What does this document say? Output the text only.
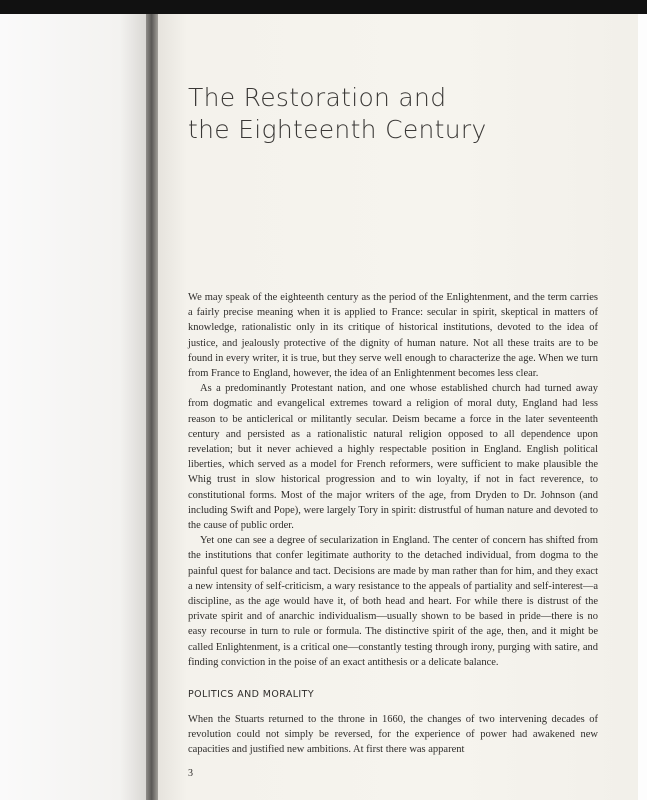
The Restoration and
the Eighteenth Century

We may speak of the eighteenth century as the period of the Enlightenment, and the term carries a fairly precise meaning when it is applied to France: secular in spirit, skeptical in matters of knowledge, rationalistic only in its critique of historical institutions, devoted to the idea of justice, and jealously protective of the dignity of human nature. Not all these traits are to be found in every writer, it is true, but they serve well enough to characterize the age. When we turn from France to England, however, the idea of an Enlightenment becomes less clear.

As a predominantly Protestant nation, and one whose established church had turned away from dogmatic and evangelical extremes toward a religion of moral duty, England had less reason to be anticlerical or militantly secular. Deism became a force in the later seventeenth century and persisted as a rationalistic natural religion opposed to all dependence upon revelation; but it never achieved a highly respectable position in England. English political liberties, which served as a model for French reformers, were sufficient to make plausible the Whig trust in slow historical progression and to win loyalty, if not in fact reverence, to constitutional forms. Most of the major writers of the age, from Dryden to Dr. Johnson (and including Swift and Pope), were largely Tory in spirit: distrustful of human nature and devoted to the cause of public order.

Yet one can see a degree of secularization in England. The center of concern has shifted from the institutions that confer legitimate authority to the detached individual, from dogma to the painful quest for balance and tact. Decisions are made by man rather than for him, and they exact a new intensity of self-criticism, a wary resistance to the appeals of partiality and self-interest—a discipline, as the age would have it, of both head and heart. For while there is distrust of the private spirit and of anarchic individualism—usually shown to be based in pride—there is no easy recourse in turn to rule or formula. The distinctive spirit of the age, then, and it might be called Enlightenment, is a critical one—constantly testing through irony, purging with satire, and finding conviction in the poise of an exact antithesis or a delicate balance.

POLITICS AND MORALITY

When the Stuarts returned to the throne in 1660, the changes of two intervening decades of revolution could not simply be reversed, for the experience of power had awakened new capacities and justified new ambitions. At first there was apparent

3
